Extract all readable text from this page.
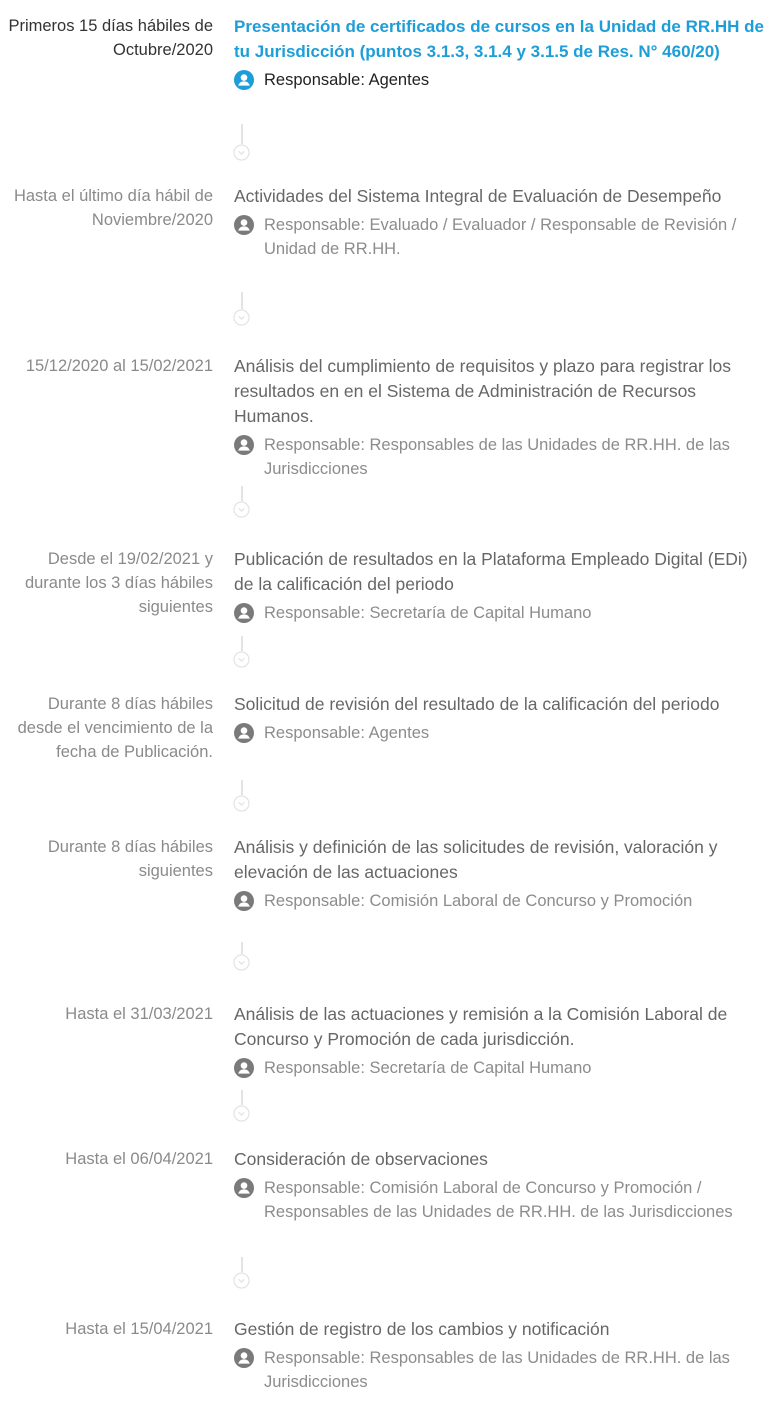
Primeros 15 días hábiles de Octubre/2020
Presentación de certificados de cursos en la Unidad de RR.HH de tu Jurisdicción (puntos 3.1.3, 3.1.4 y 3.1.5 de Res. N° 460/20)
Responsable: Agentes
Hasta el último día hábil de Noviembre/2020
Actividades del Sistema Integral de Evaluación de Desempeño
Responsable: Evaluado / Evaluador / Responsable de Revisión / Unidad de RR.HH.
15/12/2020 al 15/02/2021 Análisis del cumplimiento de requisitos y plazo para registrar los resultados en en el Sistema de Administración de Recursos Humanos.
Responsable: Responsables de las Unidades de RR.HH. de las Jurisdicciones
Desde el 19/02/2021 y durante los 3 días hábiles siguientes
Publicación de resultados en la Plataforma Empleado Digital (EDi) de la calificación del periodo
Responsable: Secretaría de Capital Humano
Durante 8 días hábiles desde el vencimiento de la fecha de Publicación.
Solicitud de revisión del resultado de la calificación del periodo
Responsable: Agentes
Durante 8 días hábiles siguientes
Análisis y definición de las solicitudes de revisión, valoración y elevación de las actuaciones
Responsable: Comisión Laboral de Concurso y Promoción
Hasta el 31/03/2021 Análisis de las actuaciones y remisión a la Comisión Laboral de Concurso y Promoción de cada jurisdicción.
Responsable: Secretaría de Capital Humano
Hasta el 06/04/2021 Consideración de observaciones
Responsable: Comisión Laboral de Concurso y Promoción / Responsables de las Unidades de RR.HH. de las Jurisdicciones
Hasta el 15/04/2021 Gestión de registro de los cambios y notificación
Responsable: Responsables de las Unidades de RR.HH. de las Jurisdicciones
